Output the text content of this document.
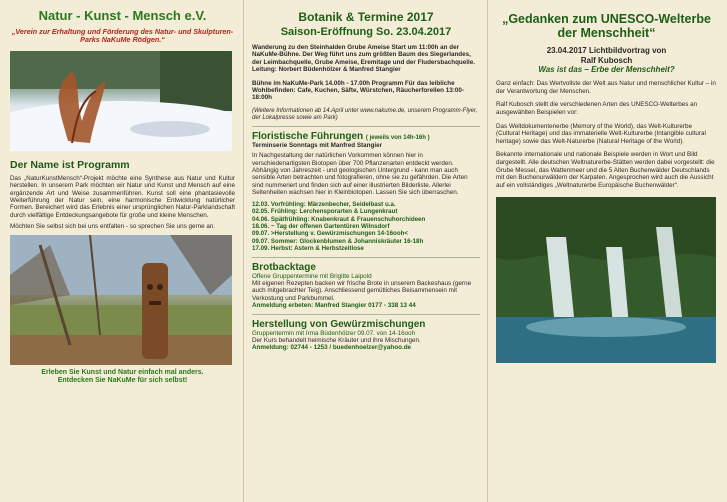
Natur - Kunst - Mensch e.V.
„Verein zur Erhaltung und Förderung des Natur- und Skulpturen-Parks NaKuMe Rödgen.“
Der Name ist Programm
Das „NaturKunstMensch“-Projekt möchte eine Synthese aus Natur und Kultur herstellen. In unserem Park möchten wir Natur und Kunst und Mensch auf eine ergänzende Art und Weise zusammenführen. Kunst soll eine phantasievolle Weiterführung der Natur sein, eine harmonische Entwicklung natürlicher Formen. Bereichert wird das Erlebnis einer ursprünglichen Natur-Parklandschaft durch vielfältige Entdeckungsangebote für große und kleine Menschen.
Möchten Sie selbst sich bei uns entfalten - so sprechen Sie uns gerne an.
Erleben Sie Kunst und Natur einfach mal anders.
Entdecken Sie NaKuMe für sich selbst!
Botanik & Termine 2017
Saison-Eröffnung So. 23.04.2017
Wanderung zu den Steinhalden Grube Ameise Start um 11:00h an der NaKuMe-Bühne. Der Weg führt uns zum größten Baum des Siegerlandes, der Leimbachquelle, Grube Ameise, Eremitage und der Fludersbachquelle. Leitung: Norbert Büdenhölzer & Manfred Stangier
Bühne im NaKuMe-Park 14.00h - 17.00h Programm Für das leibliche Wohlbefinden: Cafe, Kuchen, Säfte, Würstchen, Räucherforellen 13:00-18:00h
(Weitere Informationen ab 14.April unter www.nakume.de, unserem Programm-Flyer, der Lokalpresse sowie am Park)
Floristische Führungen ( jeweils von 14h-16h )
Terminserie Sonntags mit Manfred Stangier
In Nachgestaltung der natürlichen Vorkommen können hier in verschiedenartigsten Biotopen über 700 Pflanzenarten entdeckt werden. Abhängig von Jahreszeit - und geologischen Untergrund - kann man auch sensible Arten betrachten und fotografieren, ohne sie zu gefährden. Die Arten sind nummeriert und finden sich auf einer illustrierten Bilderliste. Allerlei Seltenheiten wachsen hier in Kleinbiotopen. Lassen Sie sich überraschen.
12.03. Vorfrühling: Märzenbecher, Seidelbast u.a.
02.05. Frühling: Lerchensporarten & Lungenkraut
04.06. Spätfrühling: Knabenkraut & Frauenschuhorchideen
18.06. ~ Tag der offenen Gartentüren Wilnsdorf
09.07. >Herstellung v. Gewürzmischungen 14-16ooh<
09.07. Sommer: Glockenblumen & Johanniskräuter 16-18h
17.09. Herbst: Astern & Herbstzeitlose
Brotbacktage
Offene Gruppentermine mit Brigitte Laipold
Mit eigenen Rezepten backen wir frische Brote in unserem Backeshaus (gerne auch mitgebrachter Teig). Anschliessend gemütliches Beisammensein mit Verkostung und Parkbummel.
Anmeldung erbeten: Manfred Stangier 0177 - 338 13 44
Herstellung von Gewürzmischungen
Gruppentermin mit Irma Büdenhölzer 09.07. von 14-16ooh
Der Kurs behandelt heimische Kräuter und ihre Mischungen.
Anmeldung: 02744 - 1253 / buedenhoelzer@yahoo.de
„Gedanken zum UNESCO-Welterbe der Menschheit“
23.04.2017 Lichtbildvortrag von
Ralf Kubosch
Was ist das – Erbe der Menschheit?
Ganz einfach: Das Wertvollste der Welt aus Natur und menschlicher Kultur – in der Verantwortung der Menschen.
Ralf Kubosch stellt die verschiedenen Arten des UNESCO-Welterbes an ausgewählten Beispielen vor:
Das Weltdokumentenerbe (Memory of the World), das Welt-Kulturerbe (Cultural Heritage) und das immaterielle Welt-Kulturerbe (Intangible cultural heritage) sowie das Welt-Naturerbe (Natural Heritage of the World).
Bekannte internationale und nationale Beispiele werden in Wort und Bild dargestellt. Alle deutschen Weltnaturerbe-Stätten werden dabei vorgestellt: die Grube Messel, das Wattenmeer und die 5 Alten Buchenwälder Deutschlands mit den Buchenurwäldern der Karpaten. Angesprochen wird auch die Aussicht auf ein vollständiges „Weltnaturerbe Europäische Buchenwälder“.
